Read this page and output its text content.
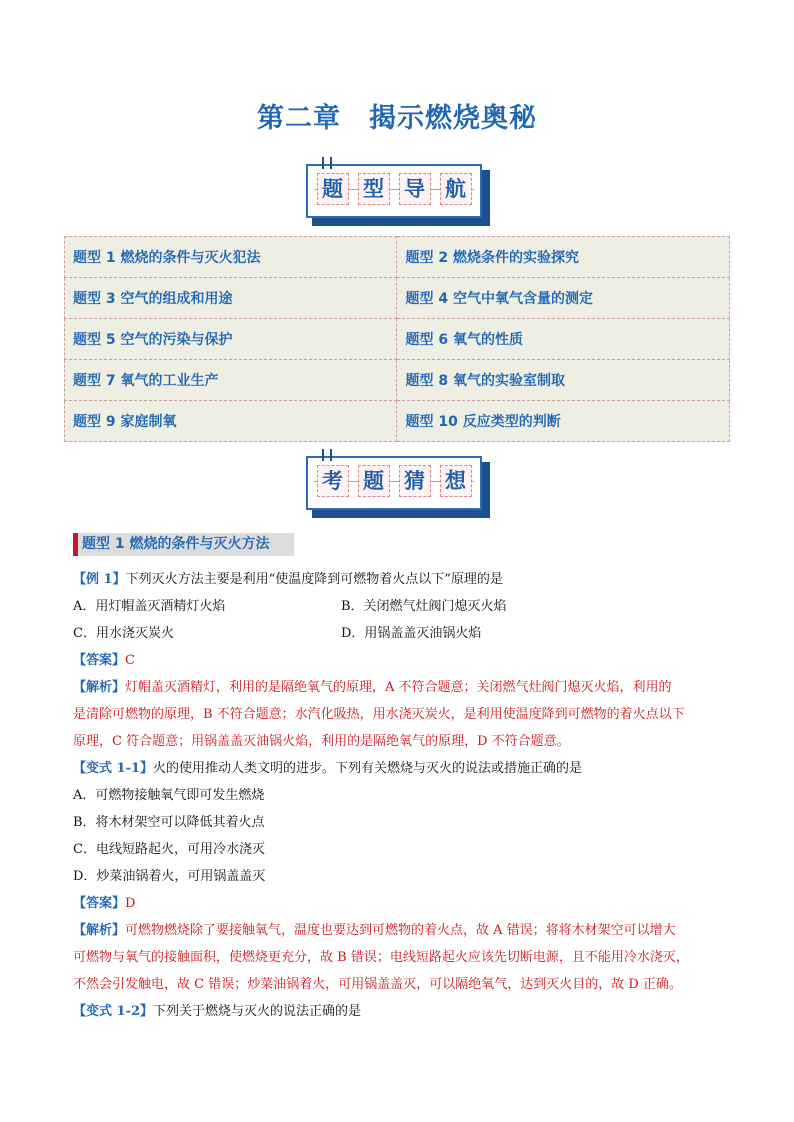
第二章　揭示燃烧奥秘
❙❙
题 型 导 航
题型 1 燃烧的条件与灭火犯法	题型 2 燃烧条件的实验探究
题型 3 空气的组成和用途	题型 4 空气中氧气含量的测定
题型 5 空气的污染与保护	题型 6 氧气的性质
题型 7 氧气的工业生产	题型 8 氧气的实验室制取
题型 9 家庭制氧	题型 10 反应类型的判断
❙❙
考 题 猜 想
题型 1 燃烧的条件与灭火方法

【例 1】下列灭火方法主要是利用“使温度降到可燃物着火点以下”原理的是

A．用灯帽盖灭酒精灯火焰	B．关闭燃气灶阀门熄灭火焰

C．用水浇灭炭火	D．用锅盖盖灭油锅火焰

【答案】C

【解析】灯帽盖灭酒精灯，利用的是隔绝氧气的原理，A 不符合题意；关闭燃气灶阀门熄灭火焰，利用的

是清除可燃物的原理，B 不符合题意；水汽化吸热，用水浇灭炭火，是利用使温度降到可燃物的着火点以下

原理，C 符合题意；用锅盖盖灭油锅火焰，利用的是隔绝氧气的原理，D 不符合题意。

【变式 1-1】火的使用推动人类文明的进步。下列有关燃烧与灭火的说法或措施正确的是

A．可燃物接触氧气即可发生燃烧

B．将木材架空可以降低其着火点

C．电线短路起火，可用冷水浇灭

D．炒菜油锅着火，可用锅盖盖灭

【答案】D

【解析】可燃物燃烧除了要接触氧气，温度也要达到可燃物的着火点，故 A 错误；将将木材架空可以增大

可燃物与氧气的接触面积，使燃烧更充分，故 B 错误；电线短路起火应该先切断电源，且不能用冷水浇灭，

不然会引发触电，故 C 错误；炒菜油锅着火，可用锅盖盖灭，可以隔绝氧气，达到灭火目的，故 D 正确。

【变式 1-2】下列关于燃烧与灭火的说法正确的是
